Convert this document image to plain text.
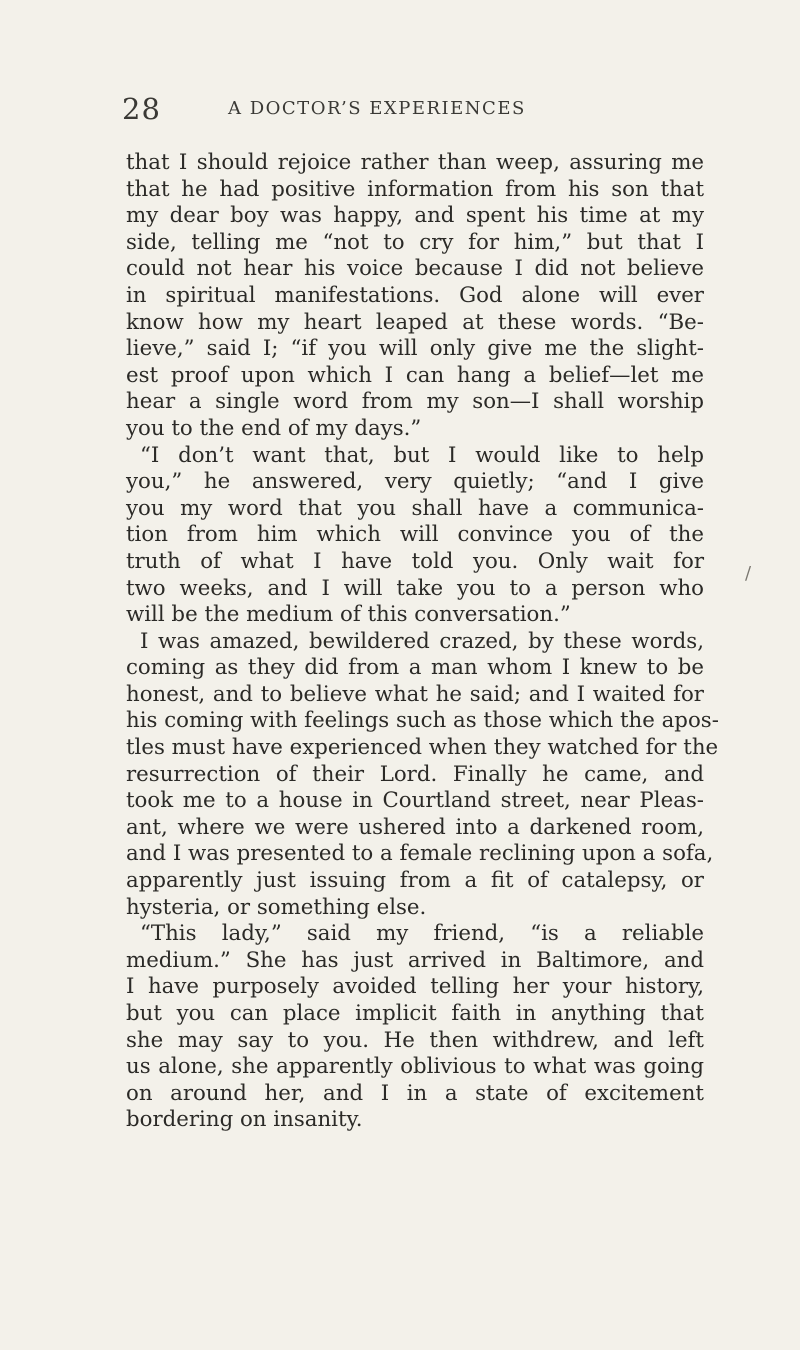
28	A DOCTOR’S EXPERIENCES
that I should rejoice rather than weep, assuring me
that he had positive information from his son that
my dear boy was happy, and spent his time at my
side, telling me “not to cry for him,” but that I
could not hear his voice because I did not believe
in spiritual manifestations. God alone will ever
know how my heart leaped at these words. “Be-
lieve,” said I; “if you will only give me the slight-
est proof upon which I can hang a belief—let me
hear a single word from my son—I shall worship
you to the end of my days.”
“I don’t want that, but I would like to help
you,” he answered, very quietly; “and I give
you my word that you shall have a communica-
tion from him which will convince you of the
truth of what I have told you. Only wait for
two weeks, and I will take you to a person who
will be the medium of this conversation.”
I was amazed, bewildered crazed, by these words,
coming as they did from a man whom I knew to be
honest, and to believe what he said; and I waited for
his coming with feelings such as those which the apos-
tles must have experienced when they watched for the
resurrection of their Lord. Finally he came, and
took me to a house in Courtland street, near Pleas-
ant, where we were ushered into a darkened room,
and I was presented to a female reclining upon a sofa,
apparently just issuing from a fit of catalepsy, or
hysteria, or something else.
“This lady,” said my friend, “is a reliable
medium.” She has just arrived in Baltimore, and
I have purposely avoided telling her your history,
but you can place implicit faith in anything that
she may say to you. He then withdrew, and left
us alone, she apparently oblivious to what was going
on around her, and I in a state of excitement
bordering on insanity.
/
